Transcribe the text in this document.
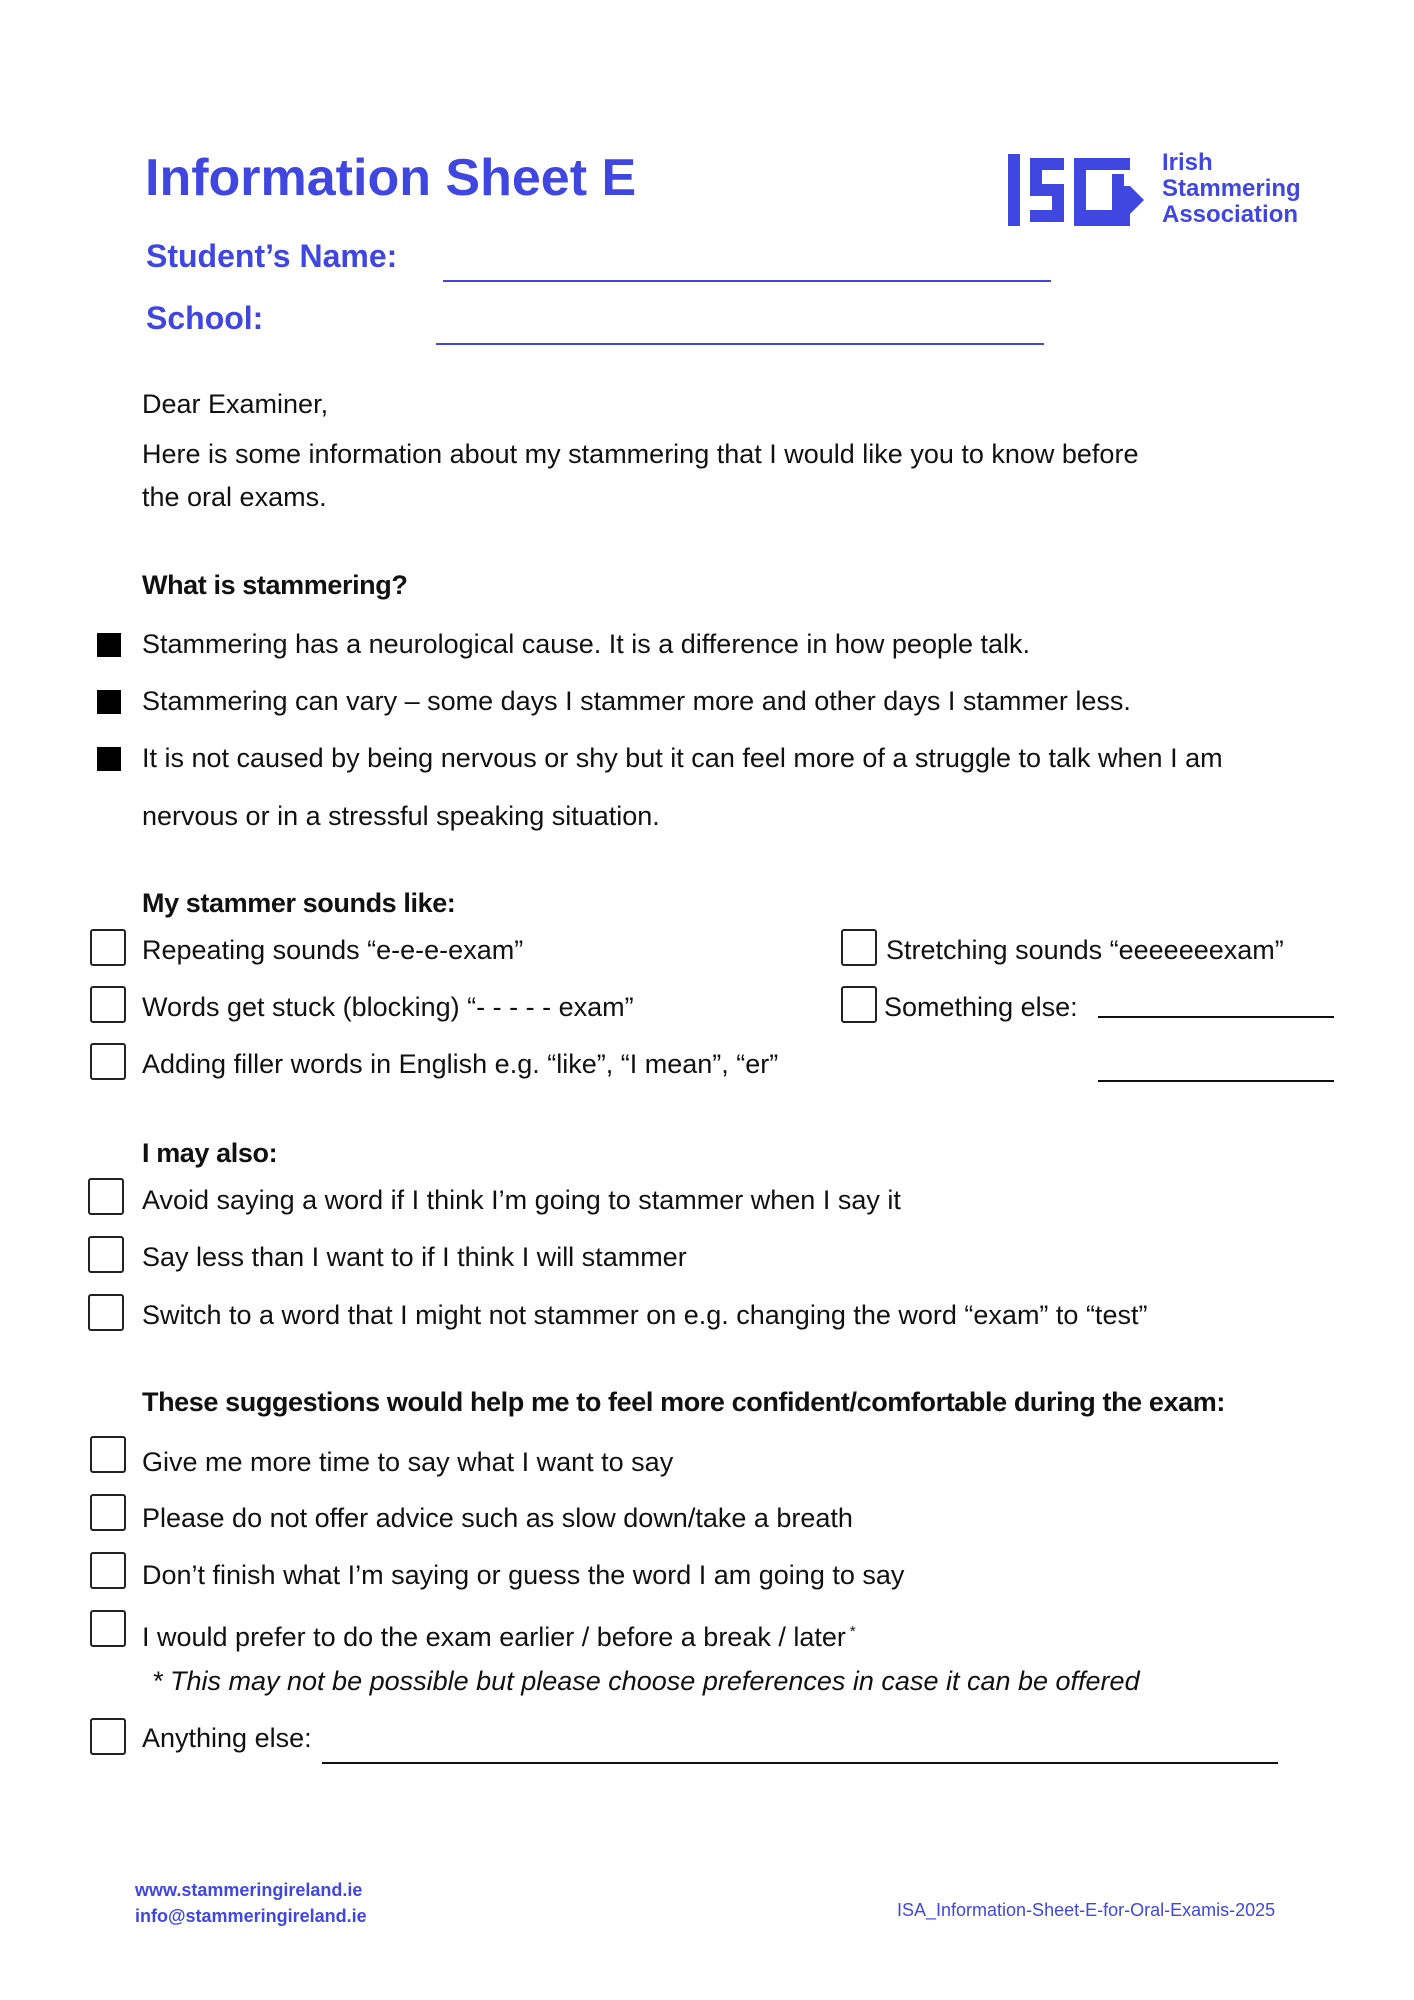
Information Sheet E
Student’s Name:
School:
Irish
Stammering
Association
Dear Examiner,
Here is some information about my stammering that I would like you to know before
the oral exams.
What is stammering?
Stammering has a neurological cause. It is a difference in how people talk.
Stammering can vary – some days I stammer more and other days I stammer less.
It is not caused by being nervous or shy but it can feel more of a struggle to talk when I am
nervous or in a stressful speaking situation.
My stammer sounds like:
Repeating sounds “e-e-e-exam”
Words get stuck (blocking) “- - - - - exam”
Adding filler words in English e.g. “like”, “I mean”, “er”
Stretching sounds “eeeeeeexam”
Something else:
I may also:
Avoid saying a word if I think I’m going to stammer when I say it
Say less than I want to if I think I will stammer
Switch to a word that I might not stammer on e.g. changing the word “exam” to “test”
These suggestions would help me to feel more confident/comfortable during the exam:
Give me more time to say what I want to say
Please do not offer advice such as slow down/take a breath
Don’t finish what I’m saying or guess the word I am going to say
I would prefer to do the exam earlier / before a break / later *
* This may not be possible but please choose preferences in case it can be offered
Anything else:
www.stammeringireland.ie
info@stammeringireland.ie	ISA_Information-Sheet-E-for-Oral-Examis-2025
